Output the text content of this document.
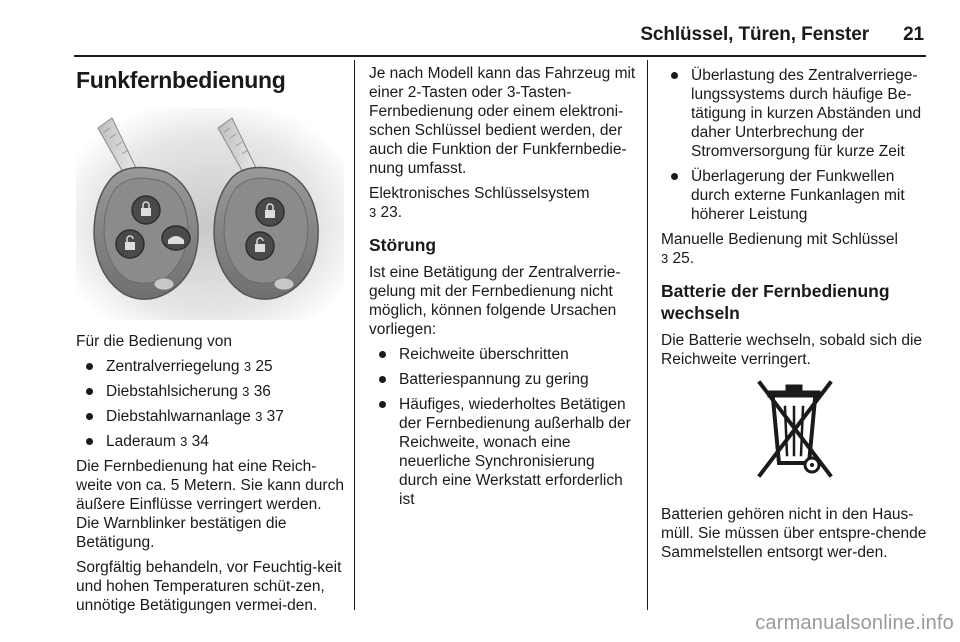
Schlüssel, Türen, Fenster 21
Funkfernbedienung

Für die Bedienung von

Zentralverriegelung 3 25
Diebstahlsicherung 3 36
Diebstahlwarnanlage 3 37
Laderaum 3 34

Die Fernbedienung hat eine Reich-weite von ca. 5 Metern. Sie kann durch äußere Einflüsse verringert werden. Die Warnblinker bestätigen die Betätigung.

Sorgfältig behandeln, vor Feuchtig-keit und hohen Temperaturen schüt-zen, unnötige Betätigungen vermei-den.

Je nach Modell kann das Fahrzeug mit einer 2-Tasten oder 3-Tasten-Fernbedienung oder einem elektroni-schen Schlüssel bedient werden, der auch die Funktion der Funkfernbedie-nung umfasst.

Elektronisches Schlüsselsystem
3 23.

Störung

Ist eine Betätigung der Zentralverrie-gelung mit der Fernbedienung nicht möglich, können folgende Ursachen vorliegen:

Reichweite überschritten
Batteriespannung zu gering
Häufiges, wiederholtes Betätigen der Fernbedienung außerhalb der Reichweite, wonach eine neuerliche Synchronisierung durch eine Werkstatt erforderlich ist
Überlastung des Zentralverriege-lungssystems durch häufige Be-tätigung in kurzen Abständen und daher Unterbrechung der Stromversorgung für kurze Zeit
Überlagerung der Funkwellen durch externe Funkanlagen mit höherer Leistung

Manuelle Bedienung mit Schlüssel
3 25.

Batterie der Fernbedienung wechseln

Die Batterie wechseln, sobald sich die Reichweite verringert.

Batterien gehören nicht in den Haus-müll. Sie müssen über entspre-chende Sammelstellen entsorgt wer-den.

carmanualsonline.info
